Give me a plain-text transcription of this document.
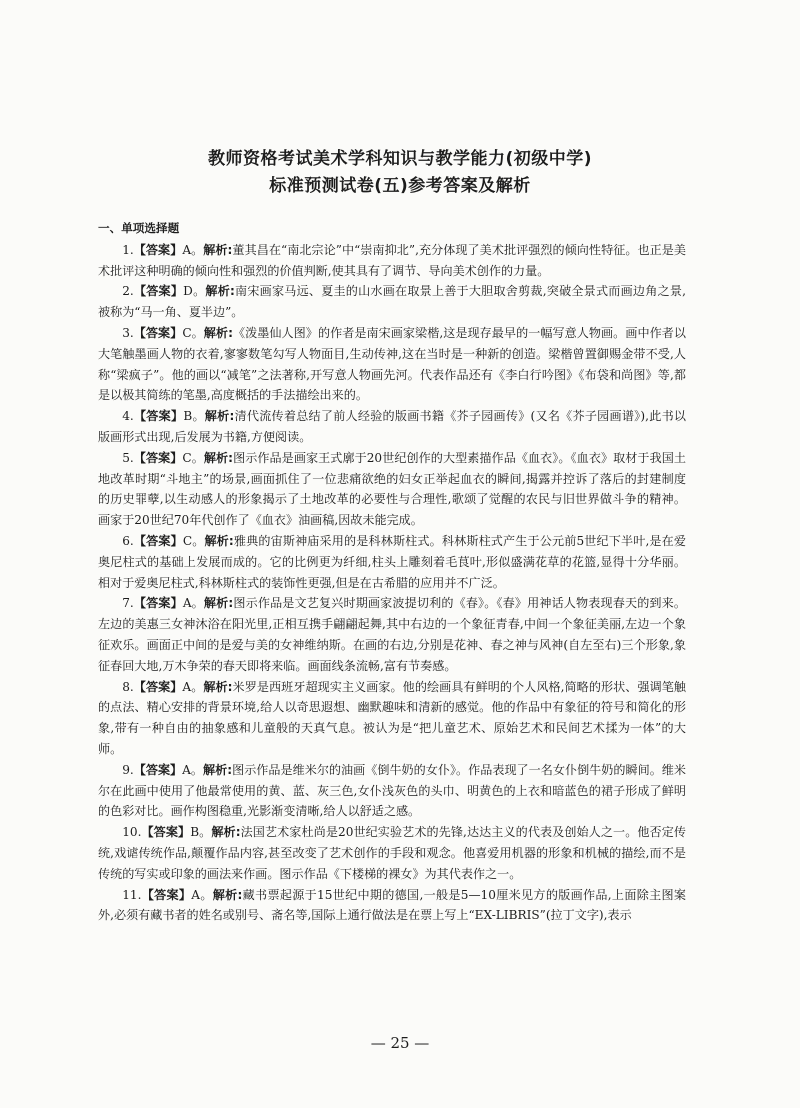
教师资格考试美术学科知识与教学能力(初级中学)
标准预测试卷(五)参考答案及解析
一、单项选择题

1.【答案】A。解析:董其昌在“南北宗论”中“崇南抑北”,充分体现了美术批评强烈的倾向性特征。也正是美术批评这种明确的倾向性和强烈的价值判断,使其具有了调节、导向美术创作的力量。

2.【答案】D。解析:南宋画家马远、夏圭的山水画在取景上善于大胆取舍剪裁,突破全景式而画边角之景,被称为“马一角、夏半边”。

3.【答案】C。解析:《泼墨仙人图》的作者是南宋画家梁楷,这是现存最早的一幅写意人物画。画中作者以大笔触墨画人物的衣着,寥寥数笔勾写人物面目,生动传神,这在当时是一种新的创造。梁楷曾置御赐金带不受,人称“梁疯子”。他的画以“减笔”之法著称,开写意人物画先河。代表作品还有《李白行吟图》《布袋和尚图》等,都是以极其简练的笔墨,高度概括的手法描绘出来的。

4.【答案】B。解析:清代流传着总结了前人经验的版画书籍《芥子园画传》(又名《芥子园画谱》),此书以版画形式出现,后发展为书籍,方便阅读。

5.【答案】C。解析:图示作品是画家王式廓于20世纪创作的大型素描作品《血衣》。《血衣》取材于我国土地改革时期“斗地主”的场景,画面抓住了一位悲痛欲绝的妇女正举起血衣的瞬间,揭露并控诉了落后的封建制度的历史罪孽,以生动感人的形象揭示了土地改革的必要性与合理性,歌颂了觉醒的农民与旧世界做斗争的精神。画家于20世纪70年代创作了《血衣》油画稿,因故未能完成。

6.【答案】C。解析:雅典的宙斯神庙采用的是科林斯柱式。科林斯柱式产生于公元前5世纪下半叶,是在爱奥尼柱式的基础上发展而成的。它的比例更为纤细,柱头上雕刻着毛茛叶,形似盛满花草的花篮,显得十分华丽。相对于爱奥尼柱式,科林斯柱式的装饰性更强,但是在古希腊的应用并不广泛。

7.【答案】A。解析:图示作品是文艺复兴时期画家波提切利的《春》。《春》用神话人物表现春天的到来。左边的美惠三女神沐浴在阳光里,正相互携手翩翩起舞,其中右边的一个象征青春,中间一个象征美丽,左边一个象征欢乐。画面正中间的是爱与美的女神维纳斯。在画的右边,分别是花神、春之神与风神(自左至右)三个形象,象征春回大地,万木争荣的春天即将来临。画面线条流畅,富有节奏感。

8.【答案】A。解析:米罗是西班牙超现实主义画家。他的绘画具有鲜明的个人风格,简略的形状、强调笔触的点法、精心安排的背景环境,给人以奇思遐想、幽默趣味和清新的感觉。他的作品中有象征的符号和简化的形象,带有一种自由的抽象感和儿童般的天真气息。被认为是“把儿童艺术、原始艺术和民间艺术揉为一体”的大师。

9.【答案】A。解析:图示作品是维米尔的油画《倒牛奶的女仆》。作品表现了一名女仆倒牛奶的瞬间。维米尔在此画中使用了他最常使用的黄、蓝、灰三色,女仆浅灰色的头巾、明黄色的上衣和暗蓝色的裙子形成了鲜明的色彩对比。画作构图稳重,光影渐变清晰,给人以舒适之感。

10.【答案】B。解析:法国艺术家杜尚是20世纪实验艺术的先锋,达达主义的代表及创始人之一。他否定传统,戏谑传统作品,颠覆作品内容,甚至改变了艺术创作的手段和观念。他喜爱用机器的形象和机械的描绘,而不是传统的写实或印象的画法来作画。图示作品《下楼梯的裸女》为其代表作之一。

11.【答案】A。解析:藏书票起源于15世纪中期的德国,一般是5—10厘米见方的版画作品,上面除主图案外,必须有藏书者的姓名或别号、斋名等,国际上通行做法是在票上写上“EX-LIBRIS”(拉丁文字),表示

— 25 —
